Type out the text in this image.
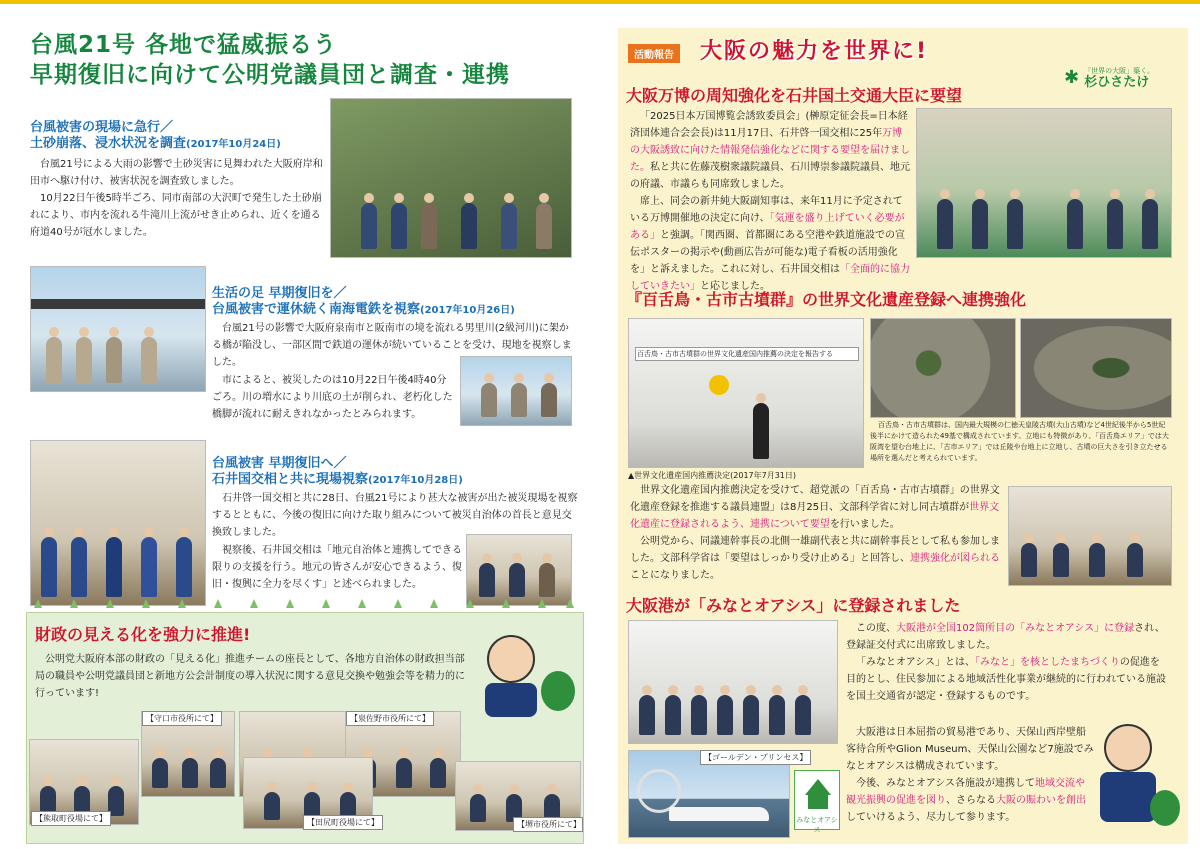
台風21号 各地で猛威振るう
早期復旧に向けて公明党議員団と調査・連携
台風被害の現場に急行／
土砂崩落、浸水状況を調査(2017年10月24日)

台風21号による大雨の影響で土砂災害に見舞われた大阪府岸和田市へ駆け付け、被害状況を調査致しました。

10月22日午後5時半ごろ、同市南部の大沢町で発生した土砂崩れにより、市内を流れる牛滝川上流がせき止められ、近くを通る府道40号が冠水しました。

生活の足 早期復旧を／
台風被害で運休続く南海電鉄を視察(2017年10月26日)

台風21号の影響で大阪府泉南市と阪南市の境を流れる男里川(2級河川)に架かる橋が陥没し、一部区間で鉄道の運休が続いていることを受け、現地を視察しました。

市によると、被災したのは10月22日午後4時40分ごろ。川の増水により川底の土が削られ、老朽化した橋脚が流れに耐えきれなかったとみられます。

台風被害 早期復旧へ／
石井国交相と共に現場視察(2017年10月28日)

石井啓一国交相と共に28日、台風21号により甚大な被害が出た被災現場を視察するとともに、今後の復旧に向けた取り組みについて被災自治体の首長と意見交換致しました。

視察後、石井国交相は「地元自治体と連携してできる限りの支援を行う。地元の皆さんが安心できるよう、復旧・復興に全力を尽くす」と述べられました。

財政の見える化を強力に推進!
公明党大阪府本部の財政の「見える化」推進チームの座長として、各地方自治体の財政担当部局の職員や公明党議員団と新地方公会計制度の導入状況に関する意見交換や勉強会等を精力的に行っています!
【守口市役所にて】	【泉佐野市役所にて】
【熊取町役場にて】	【田尻町役場にて】	【堺市役所にて】
活動報告 大阪の魅力を世界に!
✱ 「世界の大阪」築く。
杉ひさたけ
大阪万博の周知強化を石井国土交通大臣に要望

「2025日本万国博覧会誘致委員会」(榊原定征会長=日本経済団体連合会会長)は11月17日、石井啓一国交相に25年万博の大阪誘致に向けた情報発信強化などに関する要望を届けました。私と共に佐藤茂樹衆議院議員、石川博崇参議院議員、地元の府議、市議らも同席致しました。

席上、同会の新井純大阪副知事は、来年11月に予定されている万博開催地の決定に向け、「気運を盛り上げていく必要がある」と強調。「関西圏、首都圏にある空港や鉄道施設での宣伝ポスターの掲示や(動画広告が可能な)電子看板の活用強化を」と訴えました。これに対し、石井国交相は「全面的に協力していきたい」と応じました。

『百舌鳥・古市古墳群』の世界文化遺産登録へ連携強化
百舌鳥・古市古墳群の世界文化遺産国内推薦の決定を報告する
▲世界文化遺産国内推薦決定(2017年7月31日)
百舌鳥・古市古墳群は、国内最大規模の仁徳天皇陵古墳(大山古墳)など4世紀後半から5世紀後半にかけて造られた49基で構成されています。立地にも特徴があり、「百舌鳥エリア」では大阪湾を望む台地上に、「古市エリア」では丘陵や台地上に立地し、古墳の巨大さを引き立たせる場所を選んだと考えられています。

世界文化遺産国内推薦決定を受けて、超党派の「百舌鳥・古市古墳群」の世界文化遺産登録を推進する議員連盟」は8月25日、文部科学省に対し同古墳群が世界文化遺産に登録されるよう、連携について要望を行いました。

公明党から、同議連幹事長の北側一雄副代表と共に副幹事長として私も参加しました。文部科学省は「要望はしっかり受け止める」と回答し、連携強化が図られることになりました。

大阪港が「みなとオアシス」に登録されました

この度、大阪港が全国102箇所目の「みなとオアシス」に登録され、登録証交付式に出席致しました。

「みなとオアシス」とは、「みなと」を核としたまちづくりの促進を目的とし、住民参加による地域活性化事業が継続的に行われている施設を国土交通省が認定・登録するものです。

大阪港は日本屈指の貿易港であり、天保山西岸壁船客待合所やGlion Museum、天保山公園など7施設でみなとオアシスは構成されています。

今後、みなとオアシス各施設が連携して地域交流や観光振興の促進を図り、さらなる大阪の賑わいを創出していけるよう、尽力して参ります。

【ゴールデン・プリンセス】
みなとオアシス
